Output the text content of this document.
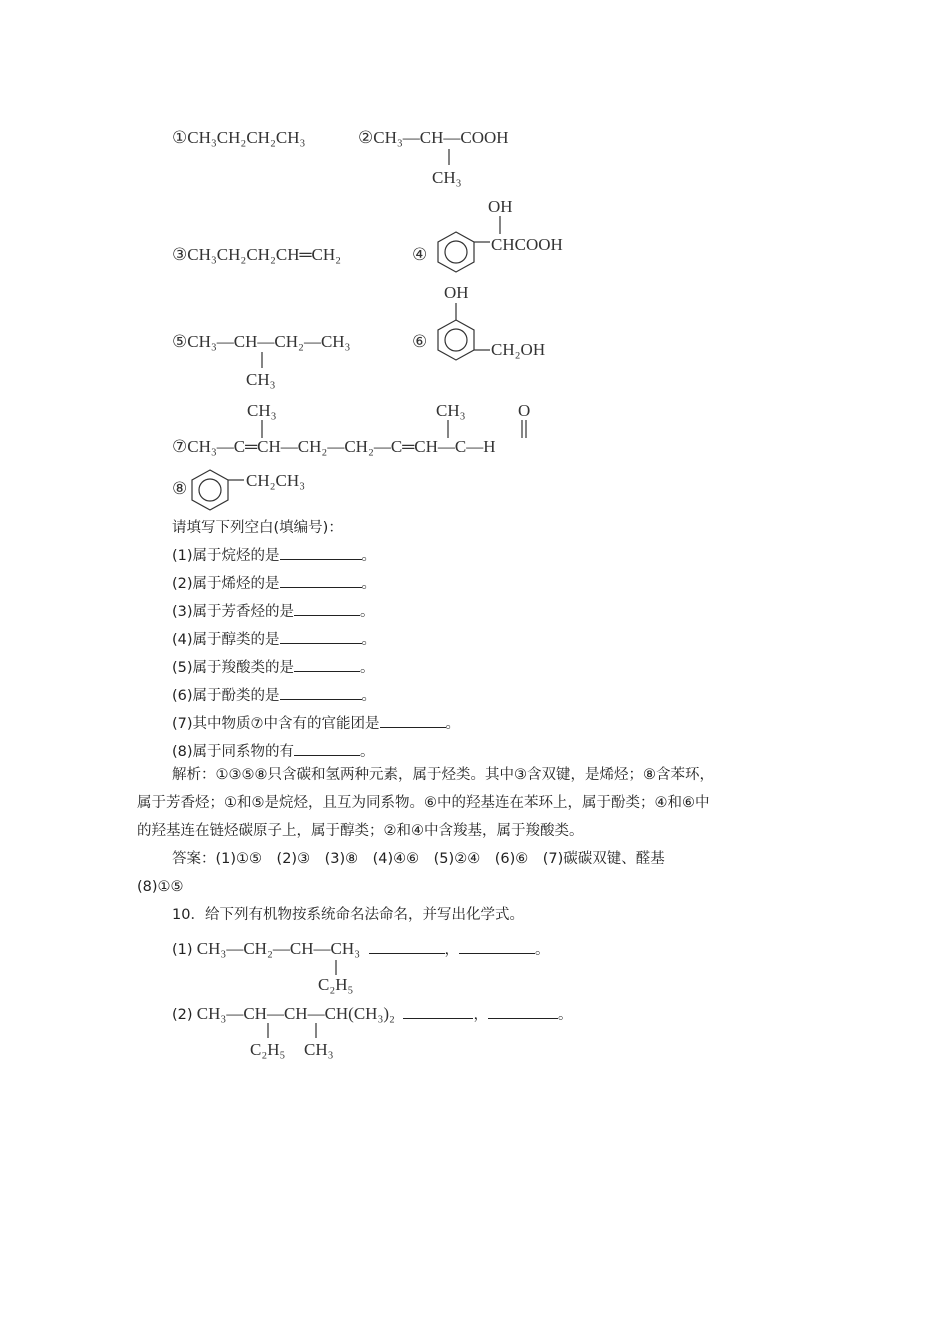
①CH₃CH₂CH₂CH₃	②CH₃—CH—COOH
CH₃
③CH₃CH₂CH₂CH═CH₂	④
OH
CHCOOH
⑤CH₃—CH—CH₂—CH₃
CH₃
⑥
OH
CH₂OH
CH₃	CH₃	O
⑦CH₃—C═CH—CH₂—CH₂—C═CH—C—H
⑧	CH₂CH₃
请填写下列空白(填编号)：
(1)属于烷烃的是	。
(2)属于烯烃的是	。
(3)属于芳香烃的是	。
(4)属于醇类的是	。
(5)属于羧酸类的是	。
(6)属于酚类的是	。
(7)其中物质⑦中含有的官能团是	。
(8)属于同系物的有	。
解析：①③⑤⑧只含碳和氢两种元素，属于烃类。其中③含双键，是烯烃；⑧含苯环，
属于芳香烃；①和⑤是烷烃，且互为同系物。⑥中的羟基连在苯环上，属于酚类；④和⑥中
的羟基连在链烃碳原子上，属于醇类；②和④中含羧基，属于羧酸类。
答案：(1)①⑤　(2)③　(3)⑧　(4)④⑥　(5)②④　(6)⑥　(7)碳碳双键、醛基
(8)①⑤
10．给下列有机物按系统命名法命名，并写出化学式。
(1) CH₃—CH₂—CH—CH₃	，	。
C₂H₅
(2) CH₃—CH—CH—CH(CH₃)₂	，	。
C₂H₅ CH₃
